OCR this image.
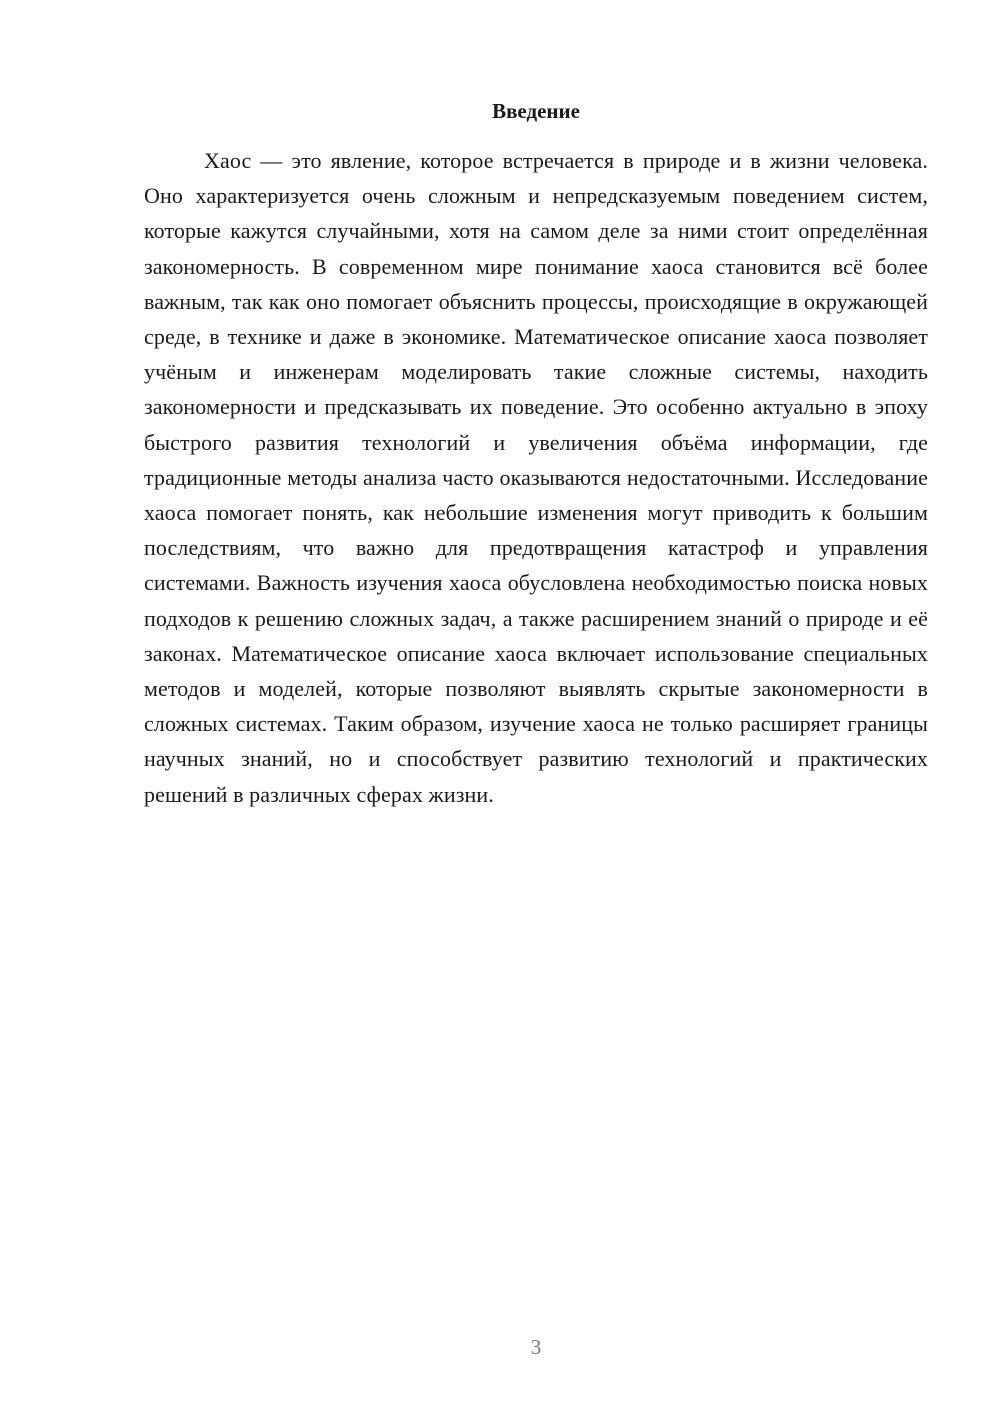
Введение

Хаос — это явление, которое встречается в природе и в жизни человека. Оно характеризуется очень сложным и непредсказуемым поведением систем, которые кажутся случайными, хотя на самом деле за ними стоит определённая закономерность. В современном мире понимание хаоса становится всё более важным, так как оно помогает объяснить процессы, происходящие в окружающей среде, в технике и даже в экономике. Математическое описание хаоса позволяет учёным и инженерам моделировать такие сложные системы, находить закономерности и предсказывать их поведение. Это особенно актуально в эпоху быстрого развития технологий и увеличения объёма информации, где традиционные методы анализа часто оказываются недостаточными. Исследование хаоса помогает понять, как небольшие изменения могут приводить к большим последствиям, что важно для предотвращения катастроф и управления системами. Важность изучения хаоса обусловлена необходимостью поиска новых подходов к решению сложных задач, а также расширением знаний о природе и её законах. Математическое описание хаоса включает использование специальных методов и моделей, которые позволяют выявлять скрытые закономерности в сложных системах. Таким образом, изучение хаоса не только расширяет границы научных знаний, но и способствует развитию технологий и практических решений в различных сферах жизни.

3
